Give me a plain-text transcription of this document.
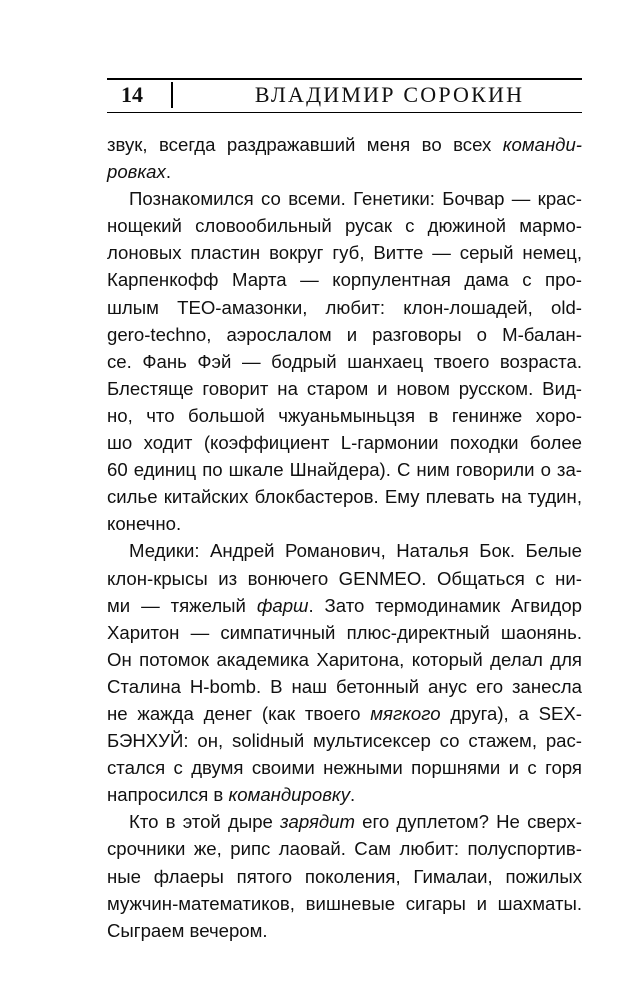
14	ВЛАДИМИР СОРОКИН

звук, всегда раздражавший меня во всех команди-
ровках.

Познакомился со всеми. Генетики: Бочвар — крас-
нощекий словообильный русак с дюжиной мармо-
лоновых пластин вокруг губ, Витте — серый немец,
Карпенкофф Марта — корпулентная дама с про-
шлым ТЕО-амазонки, любит: клон-лошадей, old-
gero-techno, аэрослалом и разговоры о М-балан-
се. Фань Фэй — бодрый шанхаец твоего возраста.
Блестяще говорит на старом и новом русском. Вид-
но, что большой чжуаньмыньцзя в генинже хоро-
шо ходит (коэффициент L-гармонии походки более
60 единиц по шкале Шнайдера). С ним говорили о за-
силье китайских блокбастеров. Ему плевать на тудин,
конечно.

Медики: Андрей Романович, Наталья Бок. Белые
клон-крысы из вонючего GENMEO. Общаться с ни-
ми — тяжелый фарш. Зато термодинамик Агвидор
Харитон — симпатичный плюс-директный шаонянь.
Он потомок академика Харитона, который делал для
Сталина H-bomb. В наш бетонный анус его занесла
не жажда денег (как твоего мягкого друга), а SEX-
БЭНХУЙ: он, solidный мультисексер со стажем, рас-
стался с двумя своими нежными поршнями и с горя
напросился в командировку.

Кто в этой дыре зарядит его дуплетом? Не сверх-
срочники же, рипс лаовай. Сам любит: полуспортив-
ные флаеры пятого поколения, Гималаи, пожилых
мужчин-математиков, вишневые сигары и шахматы.
Сыграем вечером.
